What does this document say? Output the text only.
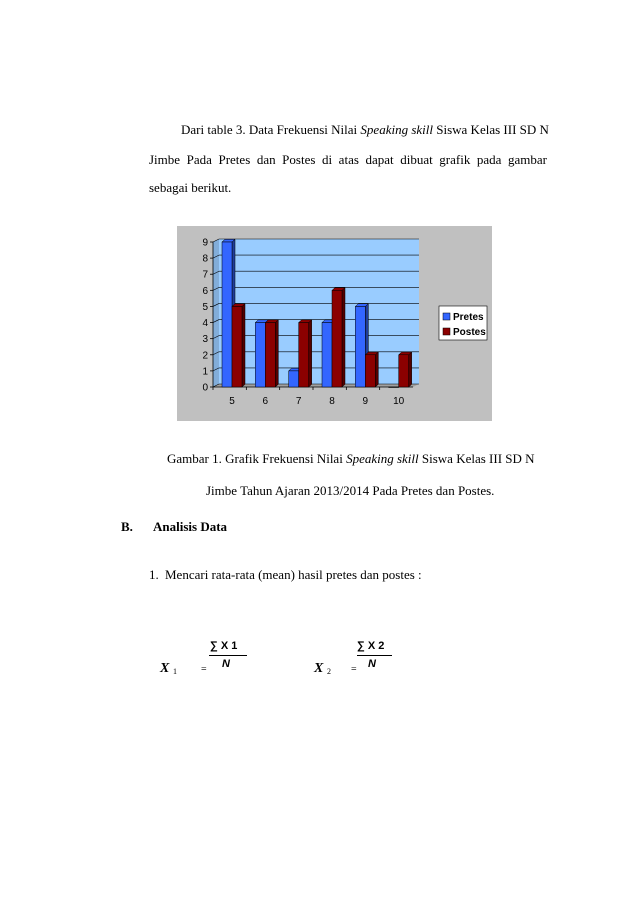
Dari table 3. Data Frekuensi Nilai Speaking skill Siswa Kelas III SD N
Jimbe Pada Pretes dan Postes di atas dapat dibuat grafik pada gambar
sebagai berikut.
0
1
2
3
4
5
6
7
8
9
5	6	7	8	9 10
Pretes
Postes
Gambar 1. Grafik Frekuensi Nilai Speaking skill Siswa Kelas III SD N
Jimbe Tahun Ajaran 2013/2014 Pada Pretes dan Postes.
B. Analisis Data
1. Mencari rata-rata (mean) hasil pretes dan postes :
X 1 =
∑ X 1
N	X 2 =
∑ X 2
N
